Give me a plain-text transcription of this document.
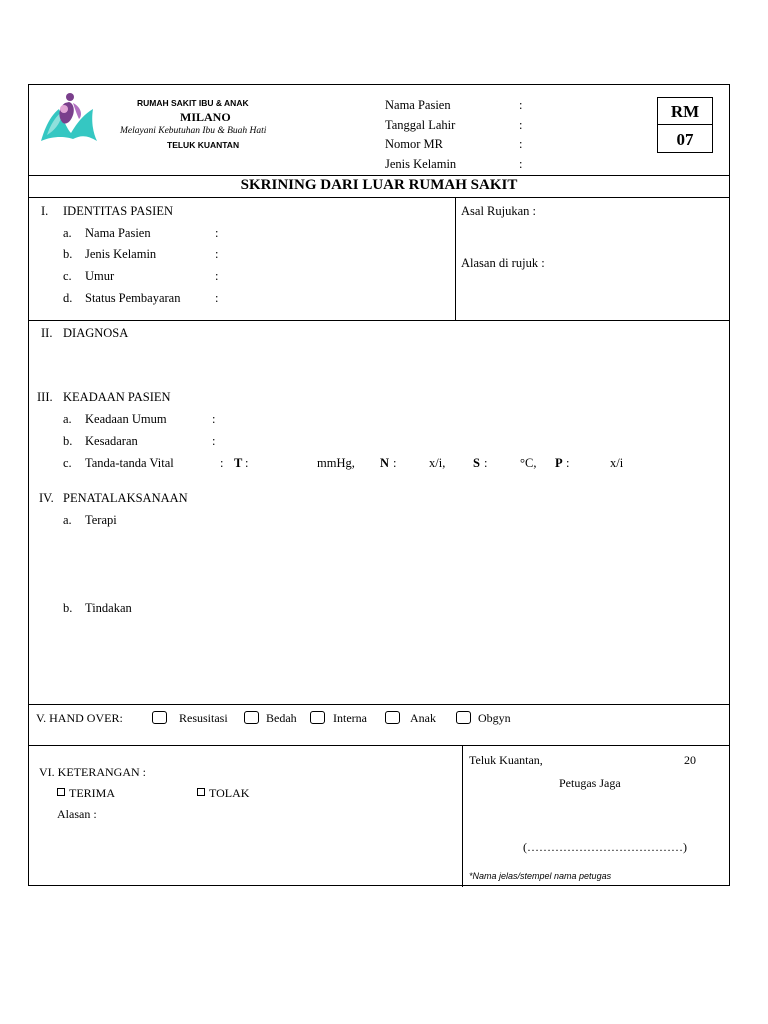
RUMAH SAKIT IBU & ANAK
MILANO
Melayani Kebutuhan Ibu & Buah Hati
TELUK KUANTAN
Nama Pasien	:
Tanggal Lahir	:
Nomor MR	:
Jenis Kelamin	:
RM
07
SKRINING DARI LUAR RUMAH SAKIT
I. IDENTITAS PASIEN
a. Nama Pasien	:
b. Jenis Kelamin	:
c. Umur	:
d. Status Pembayaran	:
Asal Rujukan :
Alasan di rujuk :
II. DIAGNOSA
III. KEADAAN PASIEN
a. Keadaan Umum	:
b. Kesadaran	:
c. Tanda-tanda Vital	: T :	mmHg, N :	x/i, S :	°C, P :	x/i
IV. PENATALAKSANAAN
a. Terapi
b. Tindakan
V. HAND OVER:	Resusitasi	Bedah	Interna	Anak	Obgyn
VI. KETERANGAN :
TERIMA	TOLAK
Alasan :
Teluk Kuantan,	20
Petugas Jaga
(…………………………………)
*Nama jelas/stempel nama petugas
